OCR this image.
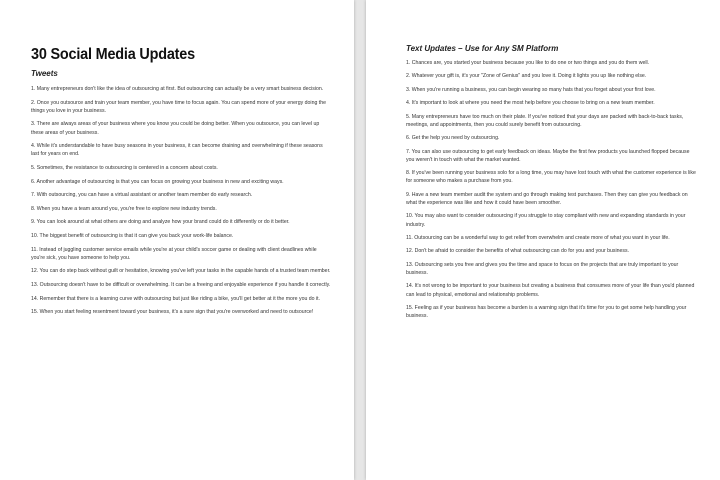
30 Social Media Updates
Tweets
1. Many entrepreneurs don't like the idea of outsourcing at first. But outsourcing can actually be a very smart business decision.
2. Once you outsource and train your team member, you have time to focus again. You can spend more of your energy doing the things you love in your business.
3. There are always areas of your business where you know you could be doing better. When you outsource, you can level up these areas of your business.
4. While it's understandable to have busy seasons in your business, it can become draining and overwhelming if these seasons last for years on end.
5. Sometimes, the resistance to outsourcing is centered in a concern about costs.
6. Another advantage of outsourcing is that you can focus on growing your business in new and exciting ways.
7. With outsourcing, you can have a virtual assistant or another team member do early research.
8. When you have a team around you, you're free to explore new industry trends.
9. You can look around at what others are doing and analyze how your brand could do it differently or do it better.
10. The biggest benefit of outsourcing is that it can give you back your work-life balance.
11. Instead of juggling customer service emails while you're at your child's soccer game or dealing with client deadlines while you're sick, you have someone to help you.
12. You can do step back without guilt or hesitation, knowing you've left your tasks in the capable hands of a trusted team member.
13. Outsourcing doesn't have to be difficult or overwhelming. It can be a freeing and enjoyable experience if you handle it correctly.
14. Remember that there is a learning curve with outsourcing but just like riding a bike, you'll get better at it the more you do it.
15. When you start feeling resentment toward your business, it's a sure sign that you're overworked and need to outsource!
Text Updates – Use for Any SM Platform
1. Chances are, you started your business because you like to do one or two things and you do them well.
2. Whatever your gift is, it's your "Zone of Genius" and you love it. Doing it lights you up like nothing else.
3. When you're running a business, you can begin wearing so many hats that you forget about your first love.
4. It's important to look at where you need the most help before you choose to bring on a new team member.
5. Many entrepreneurs have too much on their plate. If you've noticed that your days are packed with back-to-back tasks, meetings, and appointments, then you could surely benefit from outsourcing.
6. Get the help you need by outsourcing.
7. You can also use outsourcing to get early feedback on ideas. Maybe the first few products you launched flopped because you weren't in touch with what the market wanted.
8. If you've been running your business solo for a long time, you may have lost touch with what the customer experience is like for someone who makes a purchase from you.
9. Have a new team member audit the system and go through making test purchases. Then they can give you feedback on what the experience was like and how it could have been smoother.
10. You may also want to consider outsourcing if you struggle to stay compliant with new and expanding standards in your industry.
11. Outsourcing can be a wonderful way to get relief from overwhelm and create more of what you want in your life.
12. Don't be afraid to consider the benefits of what outsourcing can do for you and your business.
13. Outsourcing sets you free and gives you the time and space to focus on the projects that are truly important to your business.
14. It's not wrong to be important to your business but creating a business that consumes more of your life than you'd planned can lead to physical, emotional and relationship problems.
15. Feeling as if your business has become a burden is a warning sign that it's time for you to get some help handling your business.
